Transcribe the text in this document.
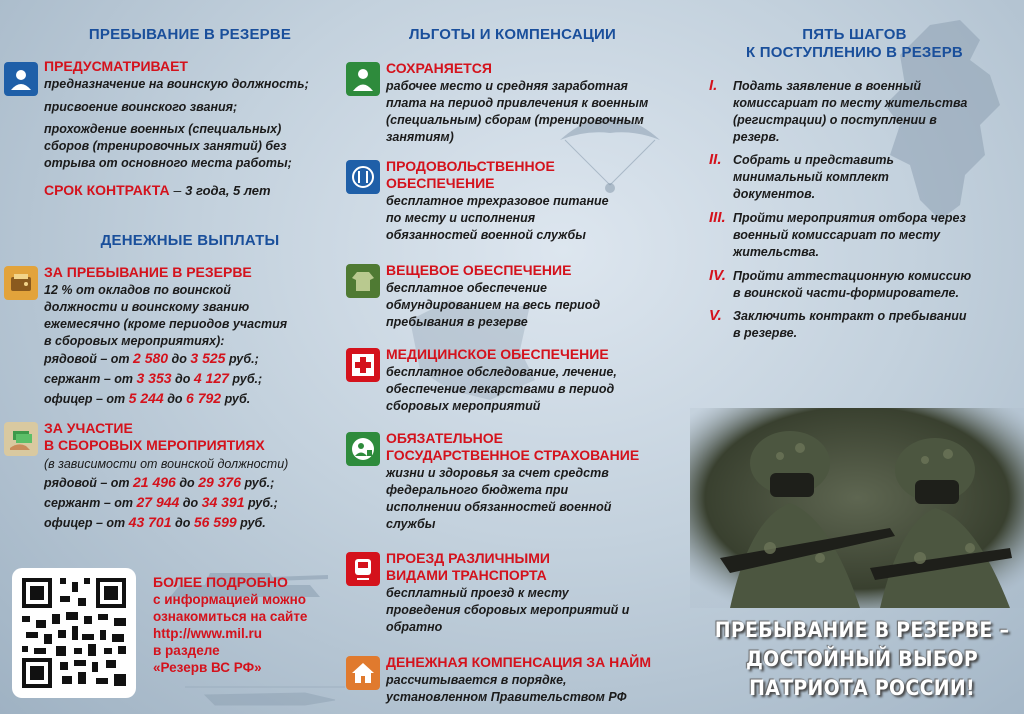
ПРЕБЫВАНИЕ В РЕЗЕРВЕ
ПРЕДУСМАТРИВАЕТ
предназначение на воинскую должность;
присвоение воинского звания;
прохождение военных (специальных)
сборов (тренировочных занятий) без
отрыва от основного места работы;
СРОК КОНТРАКТА – 3 года, 5 лет
ДЕНЕЖНЫЕ ВЫПЛАТЫ
ЗА ПРЕБЫВАНИЕ В РЕЗЕРВЕ
12 % от окладов по воинской
должности и воинскому званию
ежемесячно (кроме периодов участия
в сборовых мероприятиях):
рядовой – от 2 580 до 3 525 руб.;
сержант – от 3 353 до 4 127 руб.;
офицер – от 5 244 до 6 792 руб.
ЗА УЧАСТИЕ
В СБОРОВЫХ МЕРОПРИЯТИЯХ
(в зависимости от воинской должности)
рядовой – от 21 496 до 29 376 руб.;
сержант – от 27 944 до 34 391 руб.;
офицер – от 43 701 до 56 599 руб.
БОЛЕЕ ПОДРОБНО
с информацией можно
ознакомиться на сайте
http://www.mil.ru
в разделе
«Резерв ВС РФ»
ЛЬГОТЫ И КОМПЕНСАЦИИ
СОХРАНЯЕТСЯ
рабочее место и средняя заработная
плата на период привлечения к военным
(специальным) сборам (тренировочным
занятиям)
ПРОДОВОЛЬСТВЕННОЕ
ОБЕСПЕЧЕНИЕ
бесплатное трехразовое питание
по месту и исполнения
обязанностей военной службы
ВЕЩЕВОЕ ОБЕСПЕЧЕНИЕ
бесплатное обеспечение
обмундированием на весь период
пребывания в резерве
МЕДИЦИНСКОЕ ОБЕСПЕЧЕНИЕ
бесплатное обследование, лечение,
обеспечение лекарствами в период
сборовых мероприятий
ОБЯЗАТЕЛЬНОЕ
ГОСУДАРСТВЕННОЕ СТРАХОВАНИЕ
жизни и здоровья за счет средств
федерального бюджета при
исполнении обязанностей военной
службы
ПРОЕЗД РАЗЛИЧНЫМИ
ВИДАМИ ТРАНСПОРТА
бесплатный проезд к месту
проведения сборовых мероприятий и
обратно
ДЕНЕЖНАЯ КОМПЕНСАЦИЯ ЗА НАЙМ
рассчитывается в порядке,
установленном Правительством РФ
ПЯТЬ ШАГОВ
К ПОСТУПЛЕНИЮ В РЕЗЕРВ
I. Подать заявление в военный
комиссариат по месту жительства
(регистрации) о поступлении в
резерв.
II. Собрать и представить
минимальный комплект
документов.
III. Пройти мероприятия отбора через
военный комиссариат по месту
жительства.
IV. Пройти аттестационную комиссию
в воинской части-формирователе.
V. Заключить контракт о пребывании
в резерве.
ПРЕБЫВАНИЕ В РЕЗЕРВЕ –
ДОСТОЙНЫЙ ВЫБОР
ПАТРИОТА РОССИИ!
